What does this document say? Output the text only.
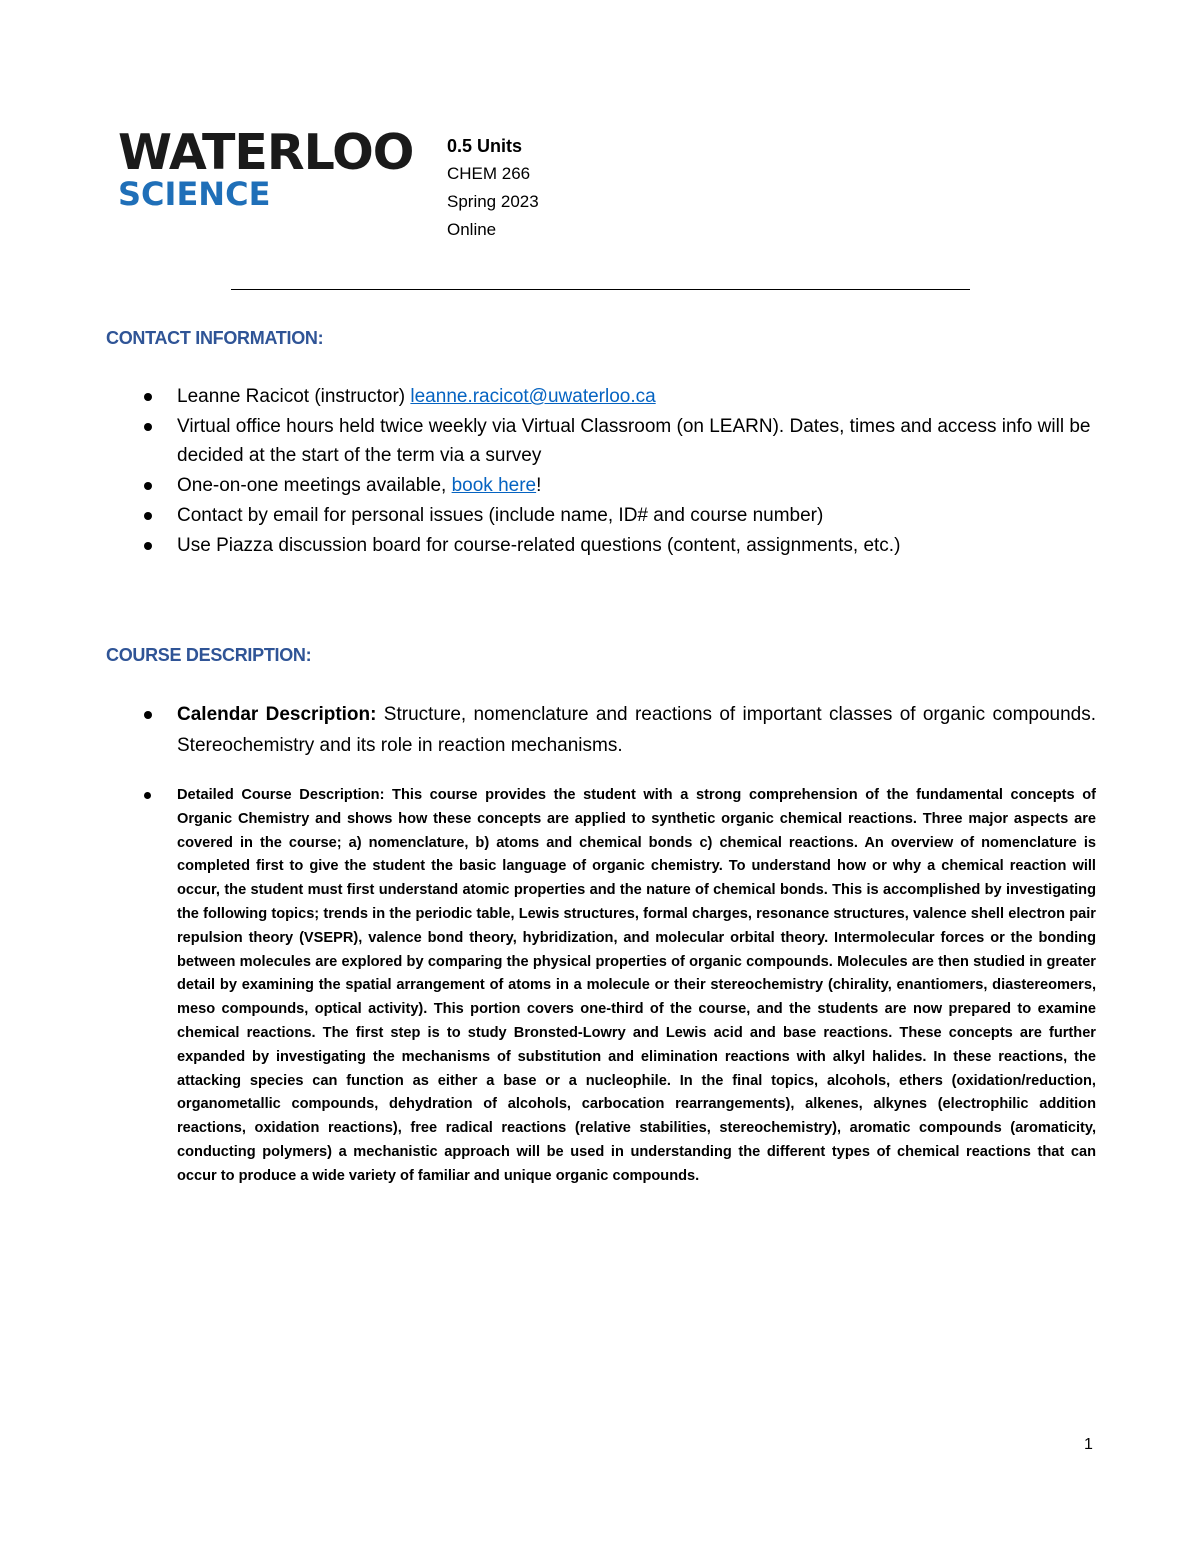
WATERLOO
SCIENCE
0.5 Units
CHEM 266
Spring 2023
Online
CONTACT INFORMATION:
Leanne Racicot (instructor) leanne.racicot@uwaterloo.ca
Virtual office hours held twice weekly via Virtual Classroom (on LEARN). Dates, times and access info will be decided at the start of the term via a survey
One-on-one meetings available, book here!
Contact by email for personal issues (include name, ID# and course number)
Use Piazza discussion board for course-related questions (content, assignments, etc.)
COURSE DESCRIPTION:
Calendar Description: Structure, nomenclature and reactions of important classes of organic compounds. Stereochemistry and its role in reaction mechanisms.
Detailed Course Description: This course provides the student with a strong comprehension of the fundamental concepts of Organic Chemistry and shows how these concepts are applied to synthetic organic chemical reactions. Three major aspects are covered in the course; a) nomenclature, b) atoms and chemical bonds c) chemical reactions. An overview of nomenclature is completed first to give the student the basic language of organic chemistry. To understand how or why a chemical reaction will occur, the student must first understand atomic properties and the nature of chemical bonds. This is accomplished by investigating the following topics; trends in the periodic table, Lewis structures, formal charges, resonance structures, valence shell electron pair repulsion theory (VSEPR), valence bond theory, hybridization, and molecular orbital theory. Intermolecular forces or the bonding between molecules are explored by comparing the physical properties of organic compounds. Molecules are then studied in greater detail by examining the spatial arrangement of atoms in a molecule or their stereochemistry (chirality, enantiomers, diastereomers, meso compounds, optical activity). This portion covers one-third of the course, and the students are now prepared to examine chemical reactions. The first step is to study Bronsted-Lowry and Lewis acid and base reactions. These concepts are further expanded by investigating the mechanisms of substitution and elimination reactions with alkyl halides. In these reactions, the attacking species can function as either a base or a nucleophile. In the final topics, alcohols, ethers (oxidation/reduction, organometallic compounds, dehydration of alcohols, carbocation rearrangements), alkenes, alkynes (electrophilic addition reactions, oxidation reactions), free radical reactions (relative stabilities, stereochemistry), aromatic compounds (aromaticity, conducting polymers) a mechanistic approach will be used in understanding the different types of chemical reactions that can occur to produce a wide variety of familiar and unique organic compounds.
1
